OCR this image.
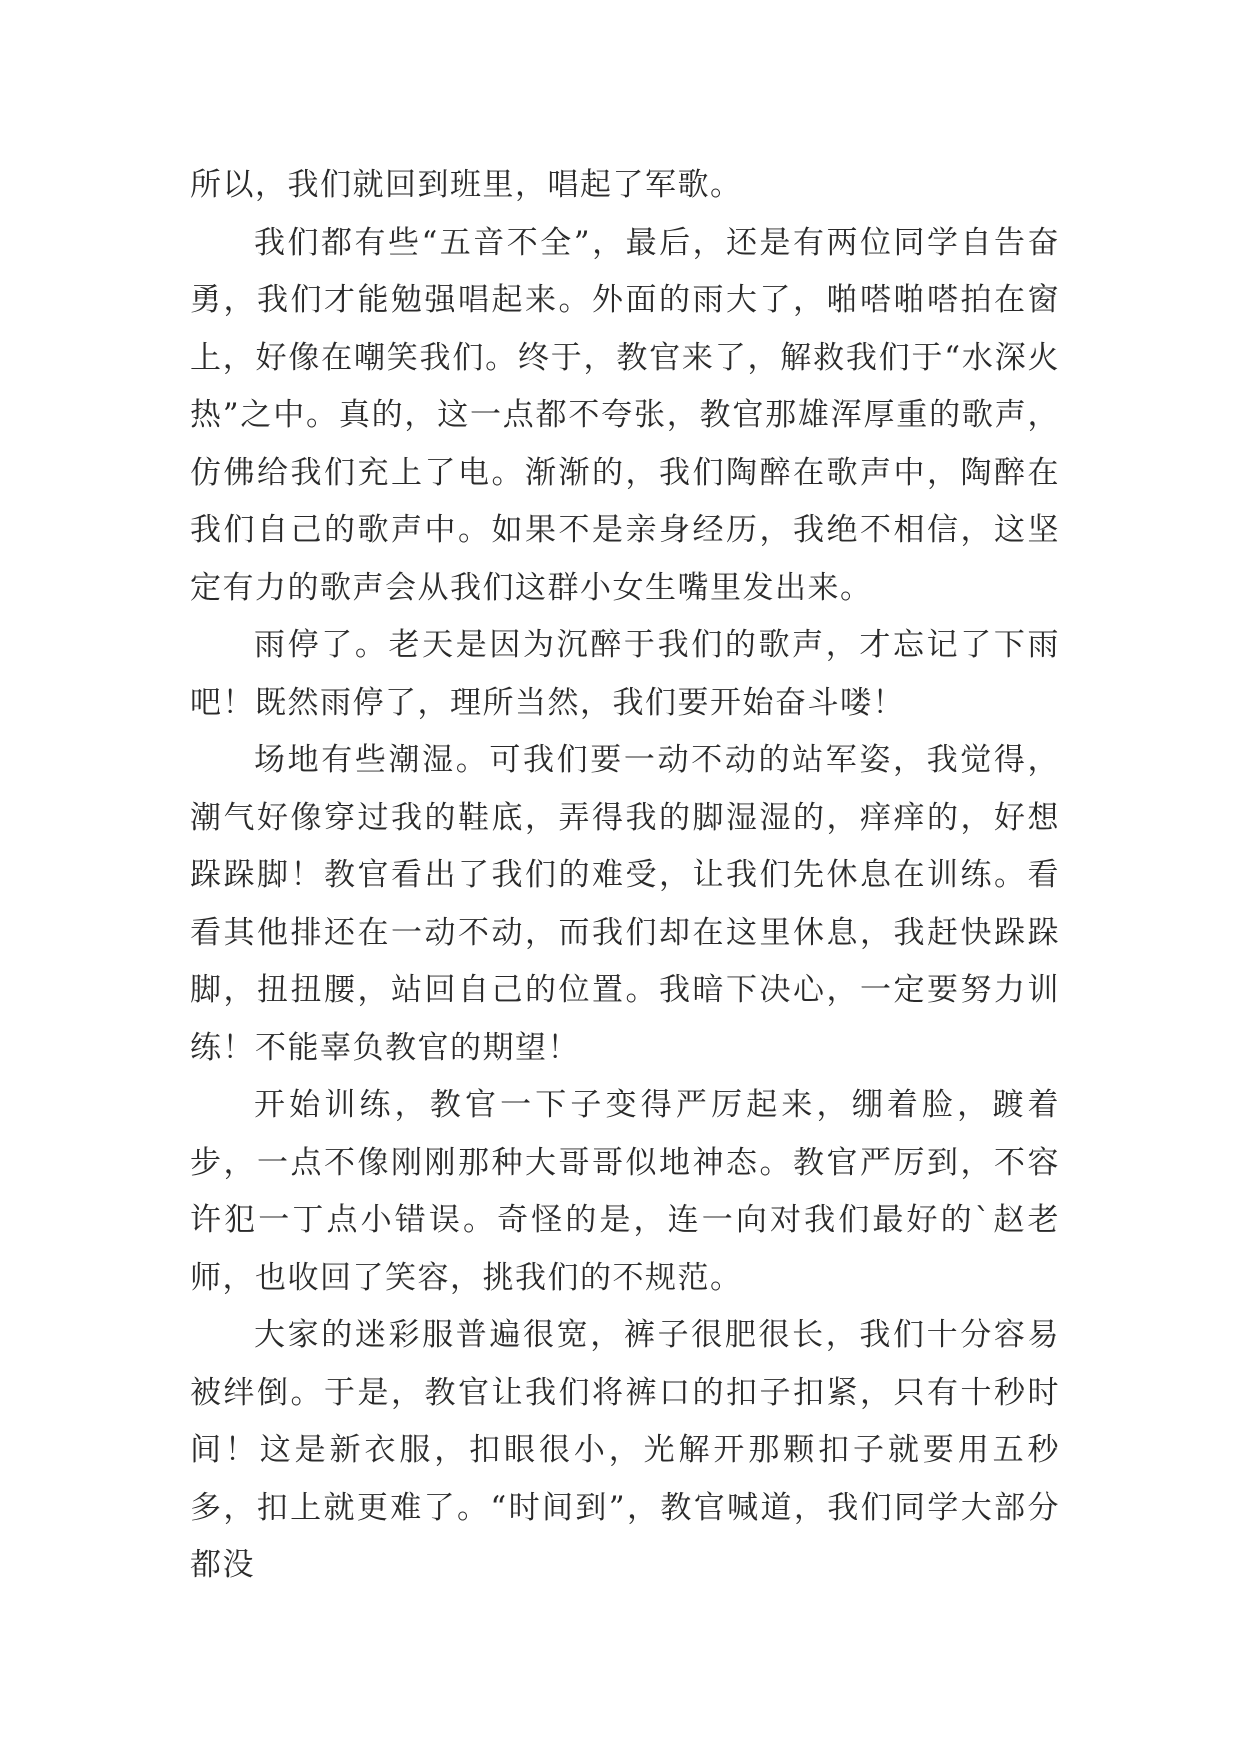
所以，我们就回到班里，唱起了军歌。

我们都有些“五音不全”，最后，还是有两位同学自告奋勇，我们才能勉强唱起来。外面的雨大了，啪嗒啪嗒拍在窗上，好像在嘲笑我们。终于，教官来了，解救我们于“水深火热”之中。真的，这一点都不夸张，教官那雄浑厚重的歌声，仿佛给我们充上了电。渐渐的，我们陶醉在歌声中，陶醉在我们自己的歌声中。如果不是亲身经历，我绝不相信，这坚定有力的歌声会从我们这群小女生嘴里发出来。

雨停了。老天是因为沉醉于我们的歌声，才忘记了下雨吧！既然雨停了，理所当然，我们要开始奋斗喽！

场地有些潮湿。可我们要一动不动的站军姿，我觉得，潮气好像穿过我的鞋底，弄得我的脚湿湿的，痒痒的，好想跺跺脚！教官看出了我们的难受，让我们先休息在训练。看看其他排还在一动不动，而我们却在这里休息，我赶快跺跺脚，扭扭腰，站回自己的位置。我暗下决心，一定要努力训练！不能辜负教官的期望！

开始训练，教官一下子变得严厉起来，绷着脸，踱着步，一点不像刚刚那种大哥哥似地神态。教官严厉到，不容许犯一丁点小错误。奇怪的是，连一向对我们最好的`赵老师，也收回了笑容，挑我们的不规范。

大家的迷彩服普遍很宽，裤子很肥很长，我们十分容易被绊倒。于是，教官让我们将裤口的扣子扣紧，只有十秒时间！这是新衣服，扣眼很小，光解开那颗扣子就要用五秒多，扣上就更难了。“时间到”，教官喊道，我们同学大部分都没
